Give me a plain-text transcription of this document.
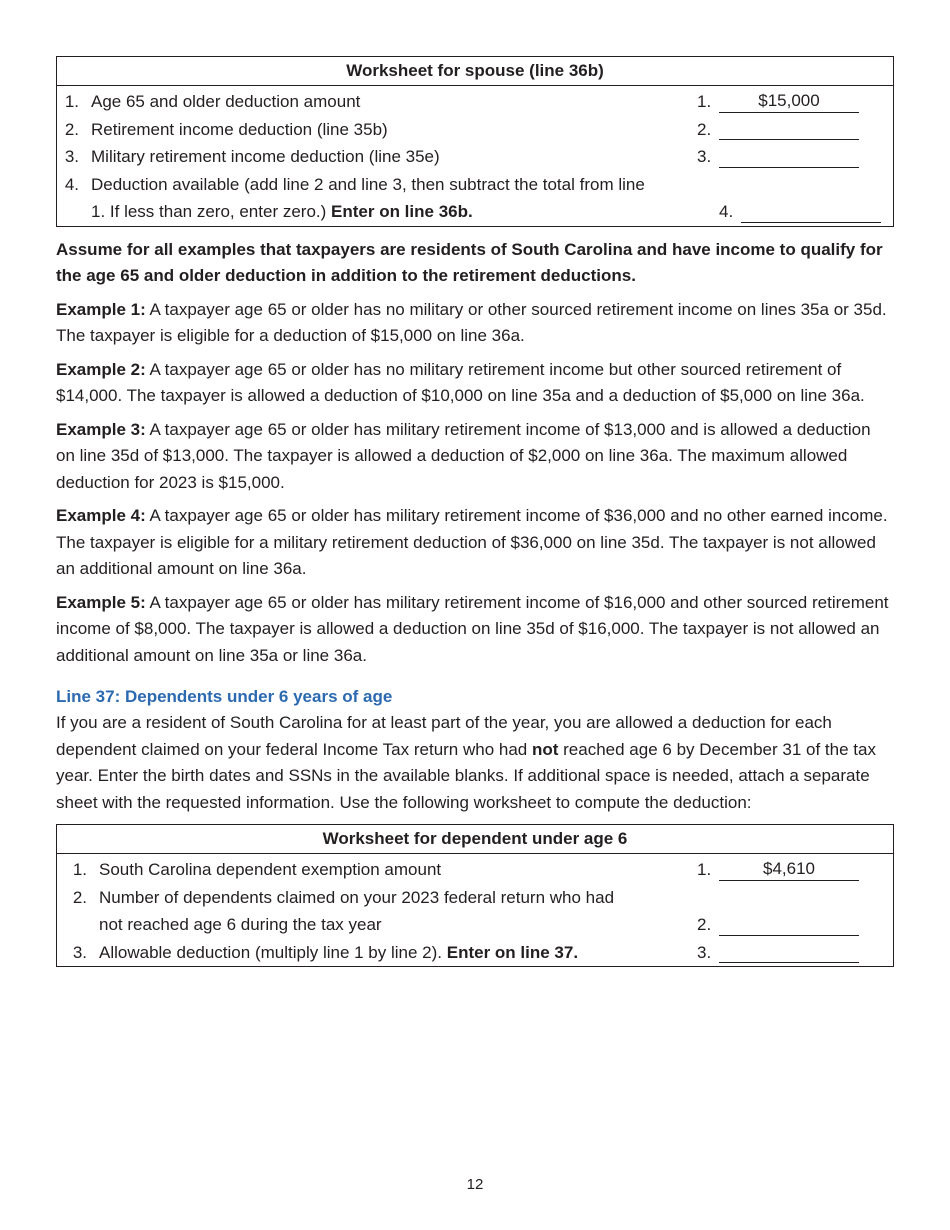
Worksheet for spouse (line 36b)
1. Age 65 and older deduction amount	1.	$15,000
2. Retirement income deduction (line 35b)	2.
3. Military retirement income deduction (line 35e)	3.
4. Deduction available (add line 2 and line 3, then subtract the total from line
1. If less than zero, enter zero.) Enter on line 36b.	4.

Assume for all examples that taxpayers are residents of South Carolina and have income to qualify for the age 65 and older deduction in addition to the retirement deductions.

Example 1: A taxpayer age 65 or older has no military or other sourced retirement income on lines 35a or 35d. The taxpayer is eligible for a deduction of $15,000 on line 36a.

Example 2: A taxpayer age 65 or older has no military retirement income but other sourced retirement of $14,000. The taxpayer is allowed a deduction of $10,000 on line 35a and a deduction of $5,000 on line 36a.

Example 3: A taxpayer age 65 or older has military retirement income of $13,000 and is allowed a deduction on line 35d of $13,000. The taxpayer is allowed a deduction of $2,000 on line 36a. The maximum allowed deduction for 2023 is $15,000.

Example 4: A taxpayer age 65 or older has military retirement income of $36,000 and no other earned income. The taxpayer is eligible for a military retirement deduction of $36,000 on line 35d. The taxpayer is not allowed an additional amount on line 36a.

Example 5: A taxpayer age 65 or older has military retirement income of $16,000 and other sourced retirement income of $8,000. The taxpayer is allowed a deduction on line 35d of $16,000. The taxpayer is not allowed an additional amount on line 35a or line 36a.

Line 37: Dependents under 6 years of age

If you are a resident of South Carolina for at least part of the year, you are allowed a deduction for each dependent claimed on your federal Income Tax return who had not reached age 6 by December 31 of the tax year. Enter the birth dates and SSNs in the available blanks. If additional space is needed, attach a separate sheet with the requested information. Use the following worksheet to compute the deduction:

Worksheet for dependent under age 6
1. South Carolina dependent exemption amount	1.	$4,610
2. Number of dependents claimed on your 2023 federal return who had
not reached age 6 during the tax year	2.
3. Allowable deduction (multiply line 1 by line 2). Enter on line 37.	3.
12
